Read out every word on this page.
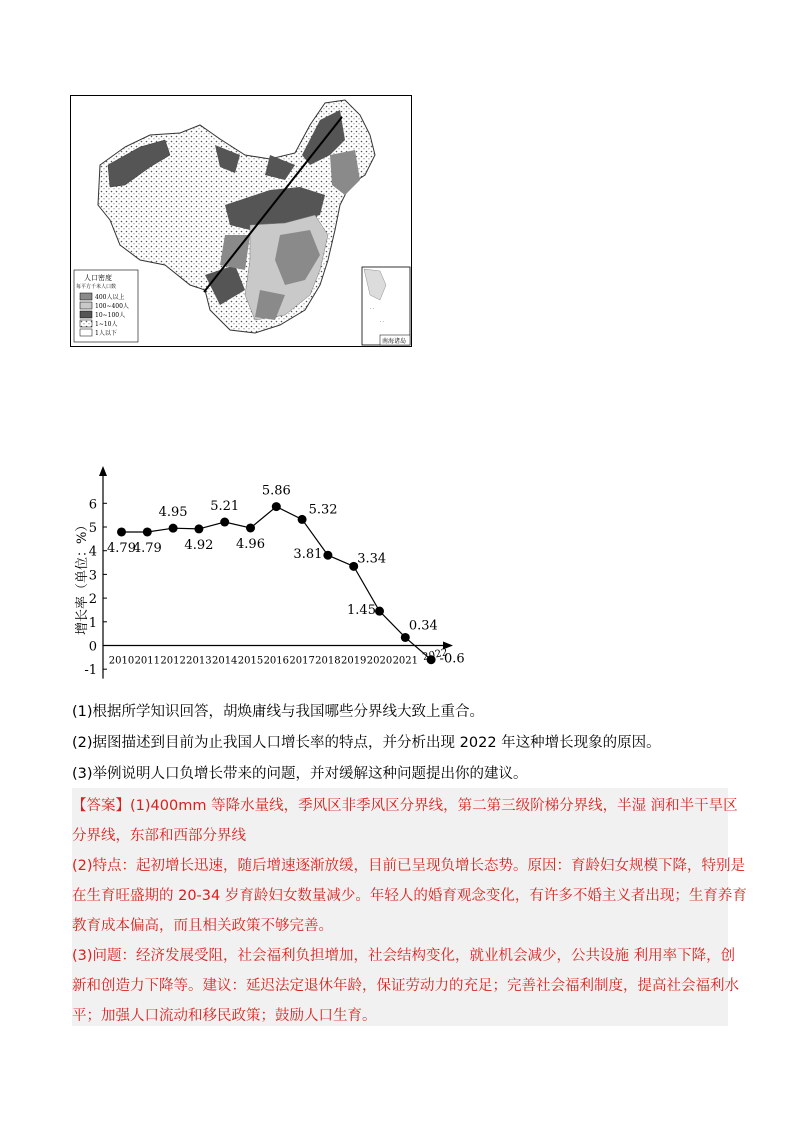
· ·
· ·
南海诸岛
人口密度
每平方千米人口数
400人以上
100~400人
10~100人
1~10人
1人以下
4.79
4.79
4.95
4.92
5.21
4.96
5.86
5.32
3.81	3.34
1.45
0.34
-0.6
2010 2011 2012 2013 2014 2015 2016 2017 2018 2019 2020 2021 2022
-1
0
1
2
3
4
5
6
增长率（单位：%）
(1)根据所学知识回答，胡焕庸线与我国哪些分界线大致上重合。
(2)据图描述到目前为止我国人口增长率的特点，并分析出现 2022 年这种增长现象的原因。
(3)举例说明人口负增长带来的问题，并对缓解这种问题提出你的建议。

【答案】(1)400mm 等降水量线，季风区非季风区分界线，第二第三级阶梯分界线，半湿 润和半干旱区

分界线，东部和西部分界线

(2)特点：起初增长迅速，随后增速逐渐放缓，目前已呈现负增长态势。原因：育龄妇女规模下降，特别是

在生育旺盛期的 20-34 岁育龄妇女数量减少。年轻人的婚育观念变化，有许多不婚主义者出现；生育养育

教育成本偏高，而且相关政策不够完善。

(3)问题：经济发展受阻，社会福利负担增加，社会结构变化，就业机会减少，公共设施 利用率下降，创

新和创造力下降等。建议：延迟法定退休年龄，保证劳动力的充足；完善社会福利制度，提高社会福利水

平；加强人口流动和移民政策；鼓励人口生育。
